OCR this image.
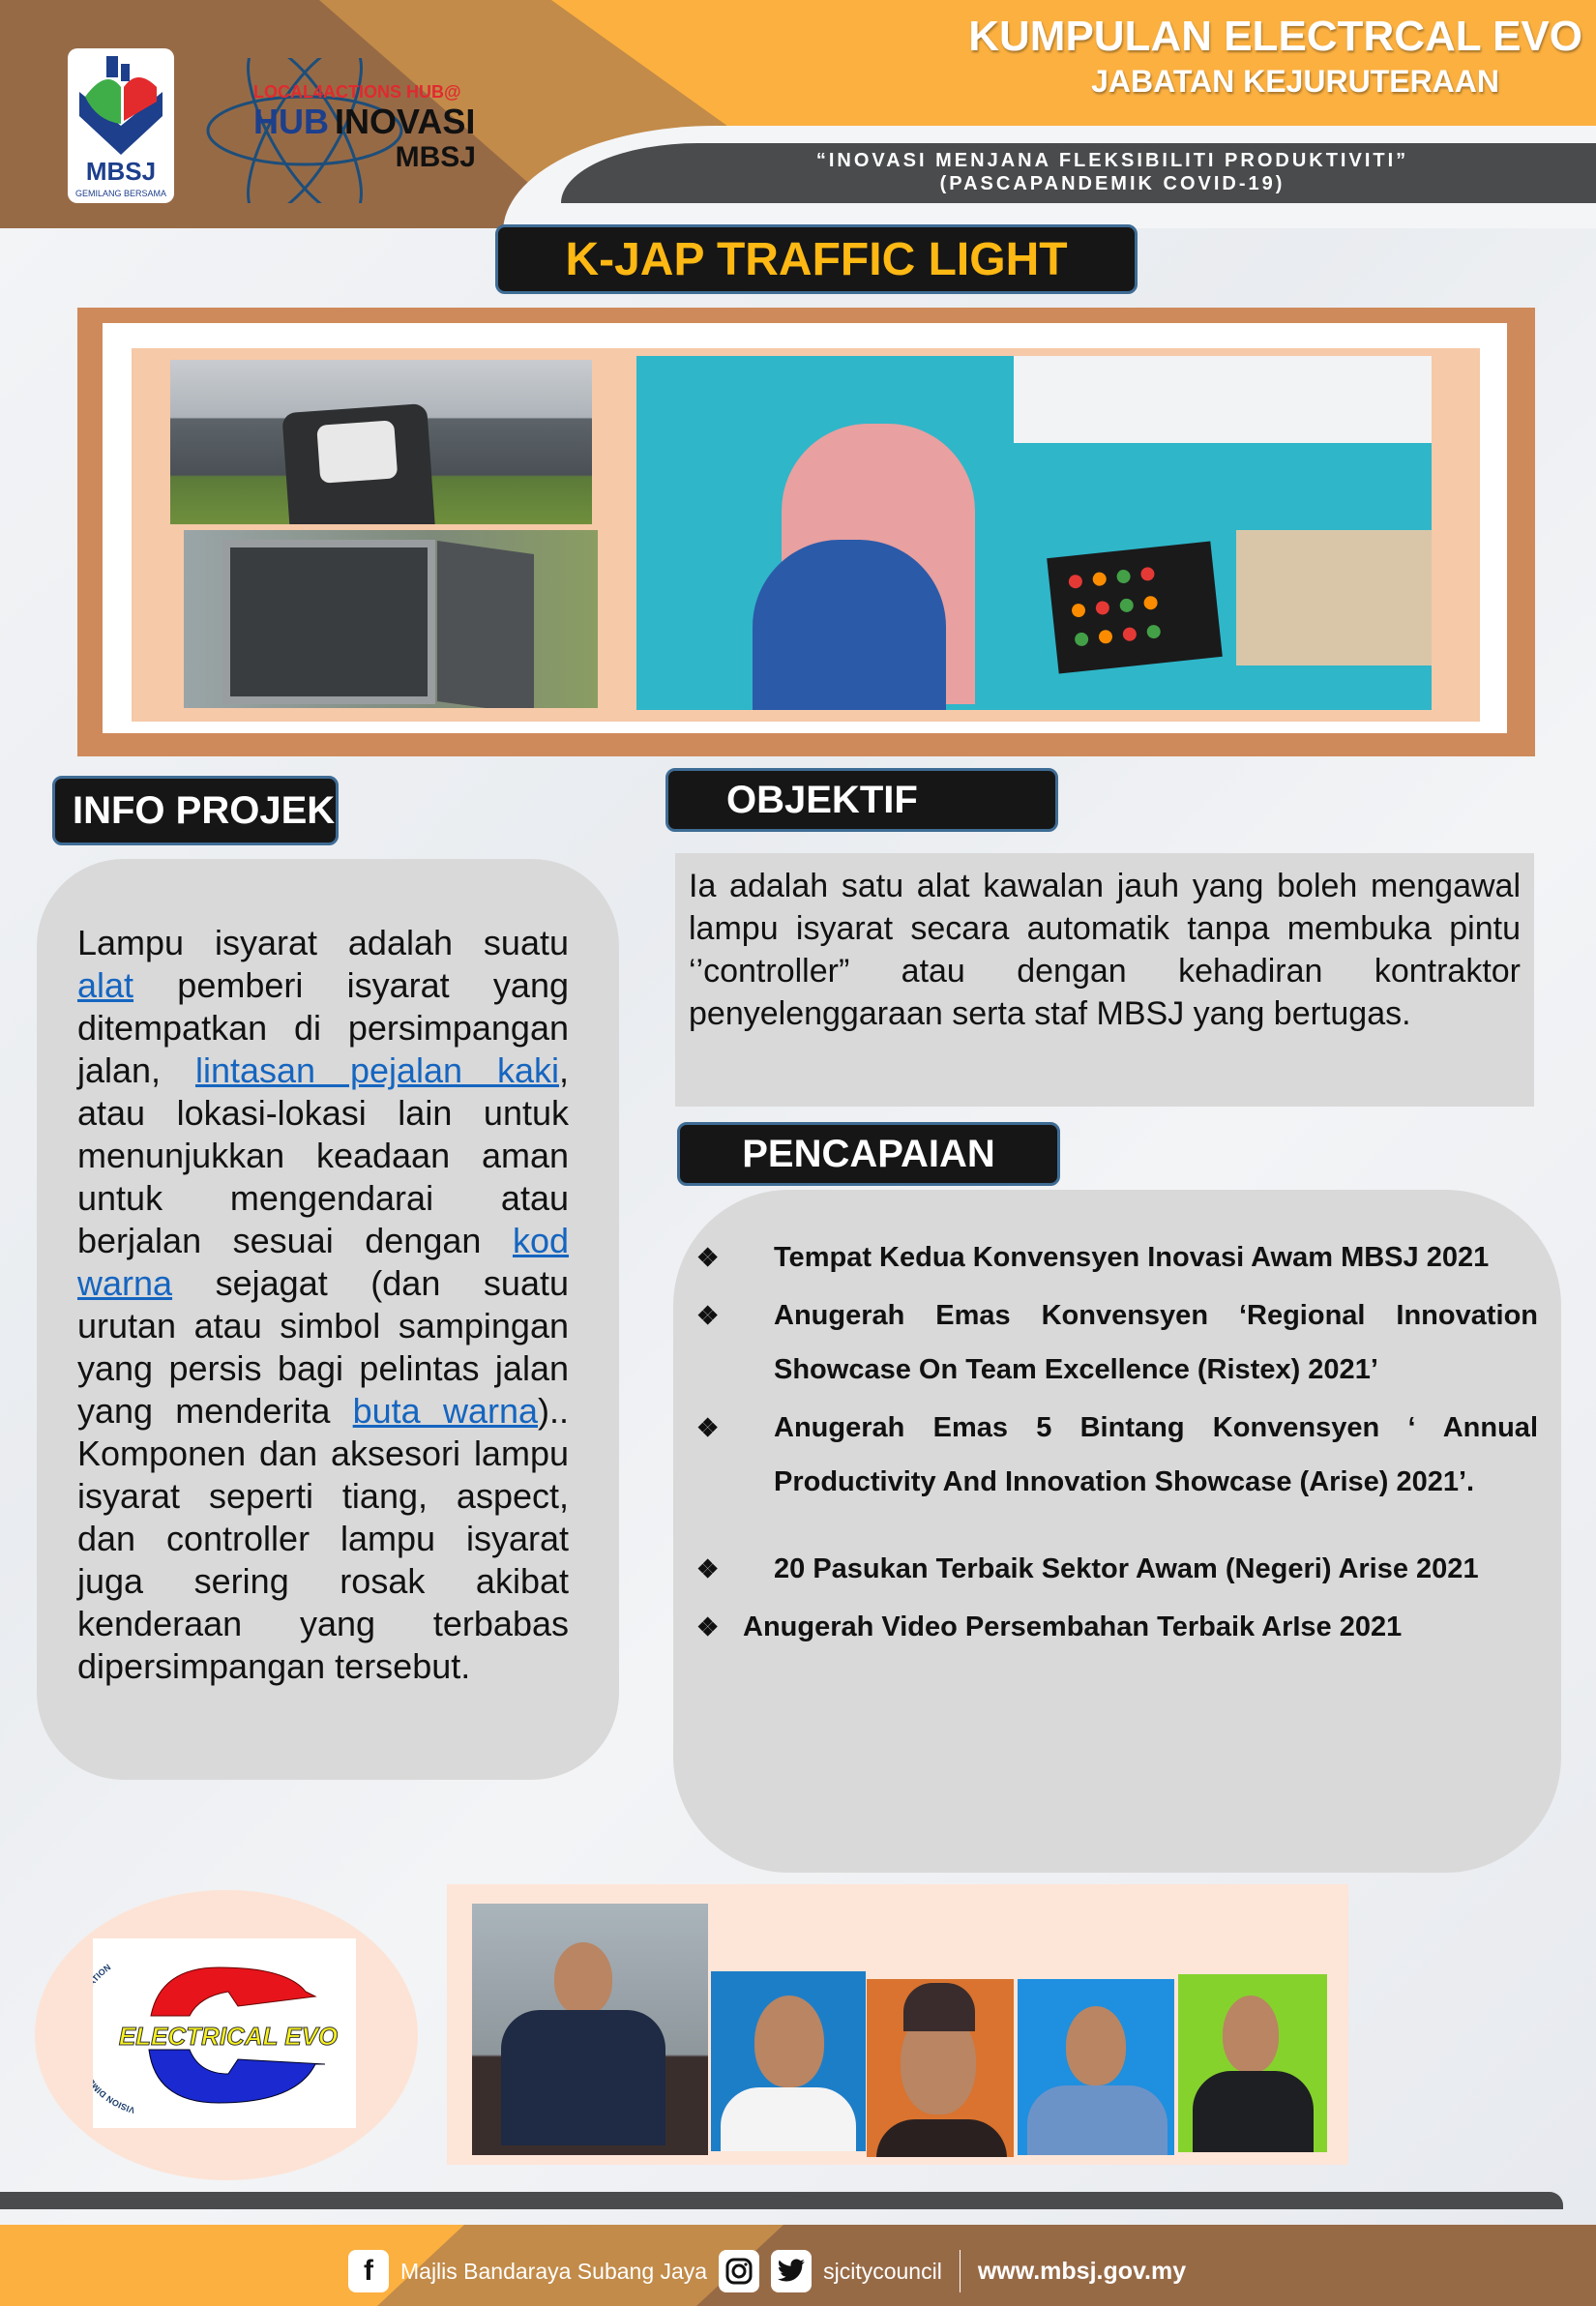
MBSJ
GEMILANG BERSAMA
LOCAL4ACTIONS HUB@
HUB INOVASI
MBSJ
KUMPULAN ELECTRCAL EVO
JABATAN KEJURUTERAAN
“INOVASI MENJANA FLEKSIBILITI PRODUKTIVITI”
(PASCAPANDEMIK COVID-19)
K-JAP TRAFFIC LIGHT
INFO PROJEK
Lampu isyarat adalah suatu alat pemberi isyarat yang ditempatkan di persimpangan jalan, lintasan pejalan kaki, atau lokasi-lokasi lain untuk menunjukkan keadaan aman untuk mengendarai atau berjalan sesuai dengan kod warna sejagat (dan suatu urutan atau simbol sampingan yang persis bagi pelintas jalan yang menderita buta warna).. Komponen dan aksesori lampu isyarat seperti tiang, aspect, dan controller lampu isyarat juga sering rosak akibat kenderaan yang terbabas dipersimpangan tersebut.
OBJEKTIF
Ia adalah satu alat kawalan jauh yang boleh mengawal lampu isyarat secara automatik tanpa membuka pintu ‘’controller” atau dengan kehadiran kontraktor penyelenggaraan serta staf MBSJ yang bertugas.
PENCAPAIAN
❖	Tempat Kedua Konvensyen Inovasi Awam MBSJ 2021
❖	Anugerah Emas Konvensyen ‘Regional Innovation Showcase On Team Excellence (Ristex) 2021’
❖	Anugerah Emas 5 Bintang Konvensyen ‘ Annual Productivity And Innovation Showcase (Arise) 2021’.
❖	20 Pasukan Terbaik Sektor Awam (Negeri) Arise 2021
❖ Anugerah Video Persembahan Terbaik ArIse 2021
ELECTRICAL EVO
VISION DI ION
f	Majlis Bandaraya Subang Jaya	sjcitycouncil www.mbsj.gov.my
